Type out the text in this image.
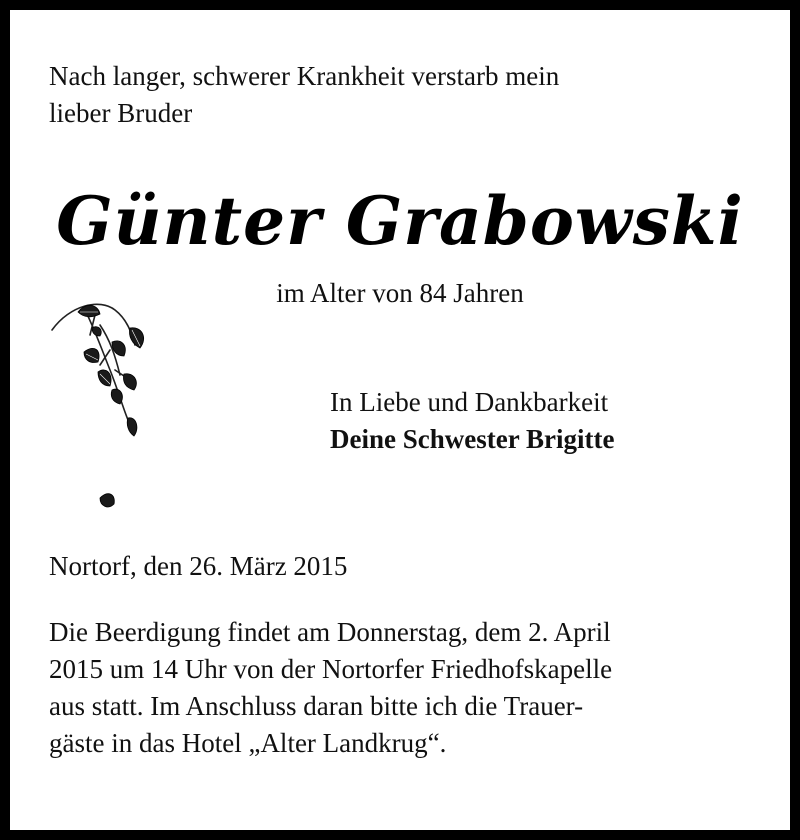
Nach langer, schwerer Krankheit verstarb mein
lieber Bruder
Günter Grabowski
im Alter von 84 Jahren
In Liebe und Dankbarkeit
Deine Schwester Brigitte
Nortorf, den 26. März 2015
Die Beerdigung findet am Donnerstag, dem 2. April
2015 um 14 Uhr von der Nortorfer Friedhofskapelle
aus statt. Im Anschluss daran bitte ich die Trauer-
gäste in das Hotel „Alter Landkrug“.
